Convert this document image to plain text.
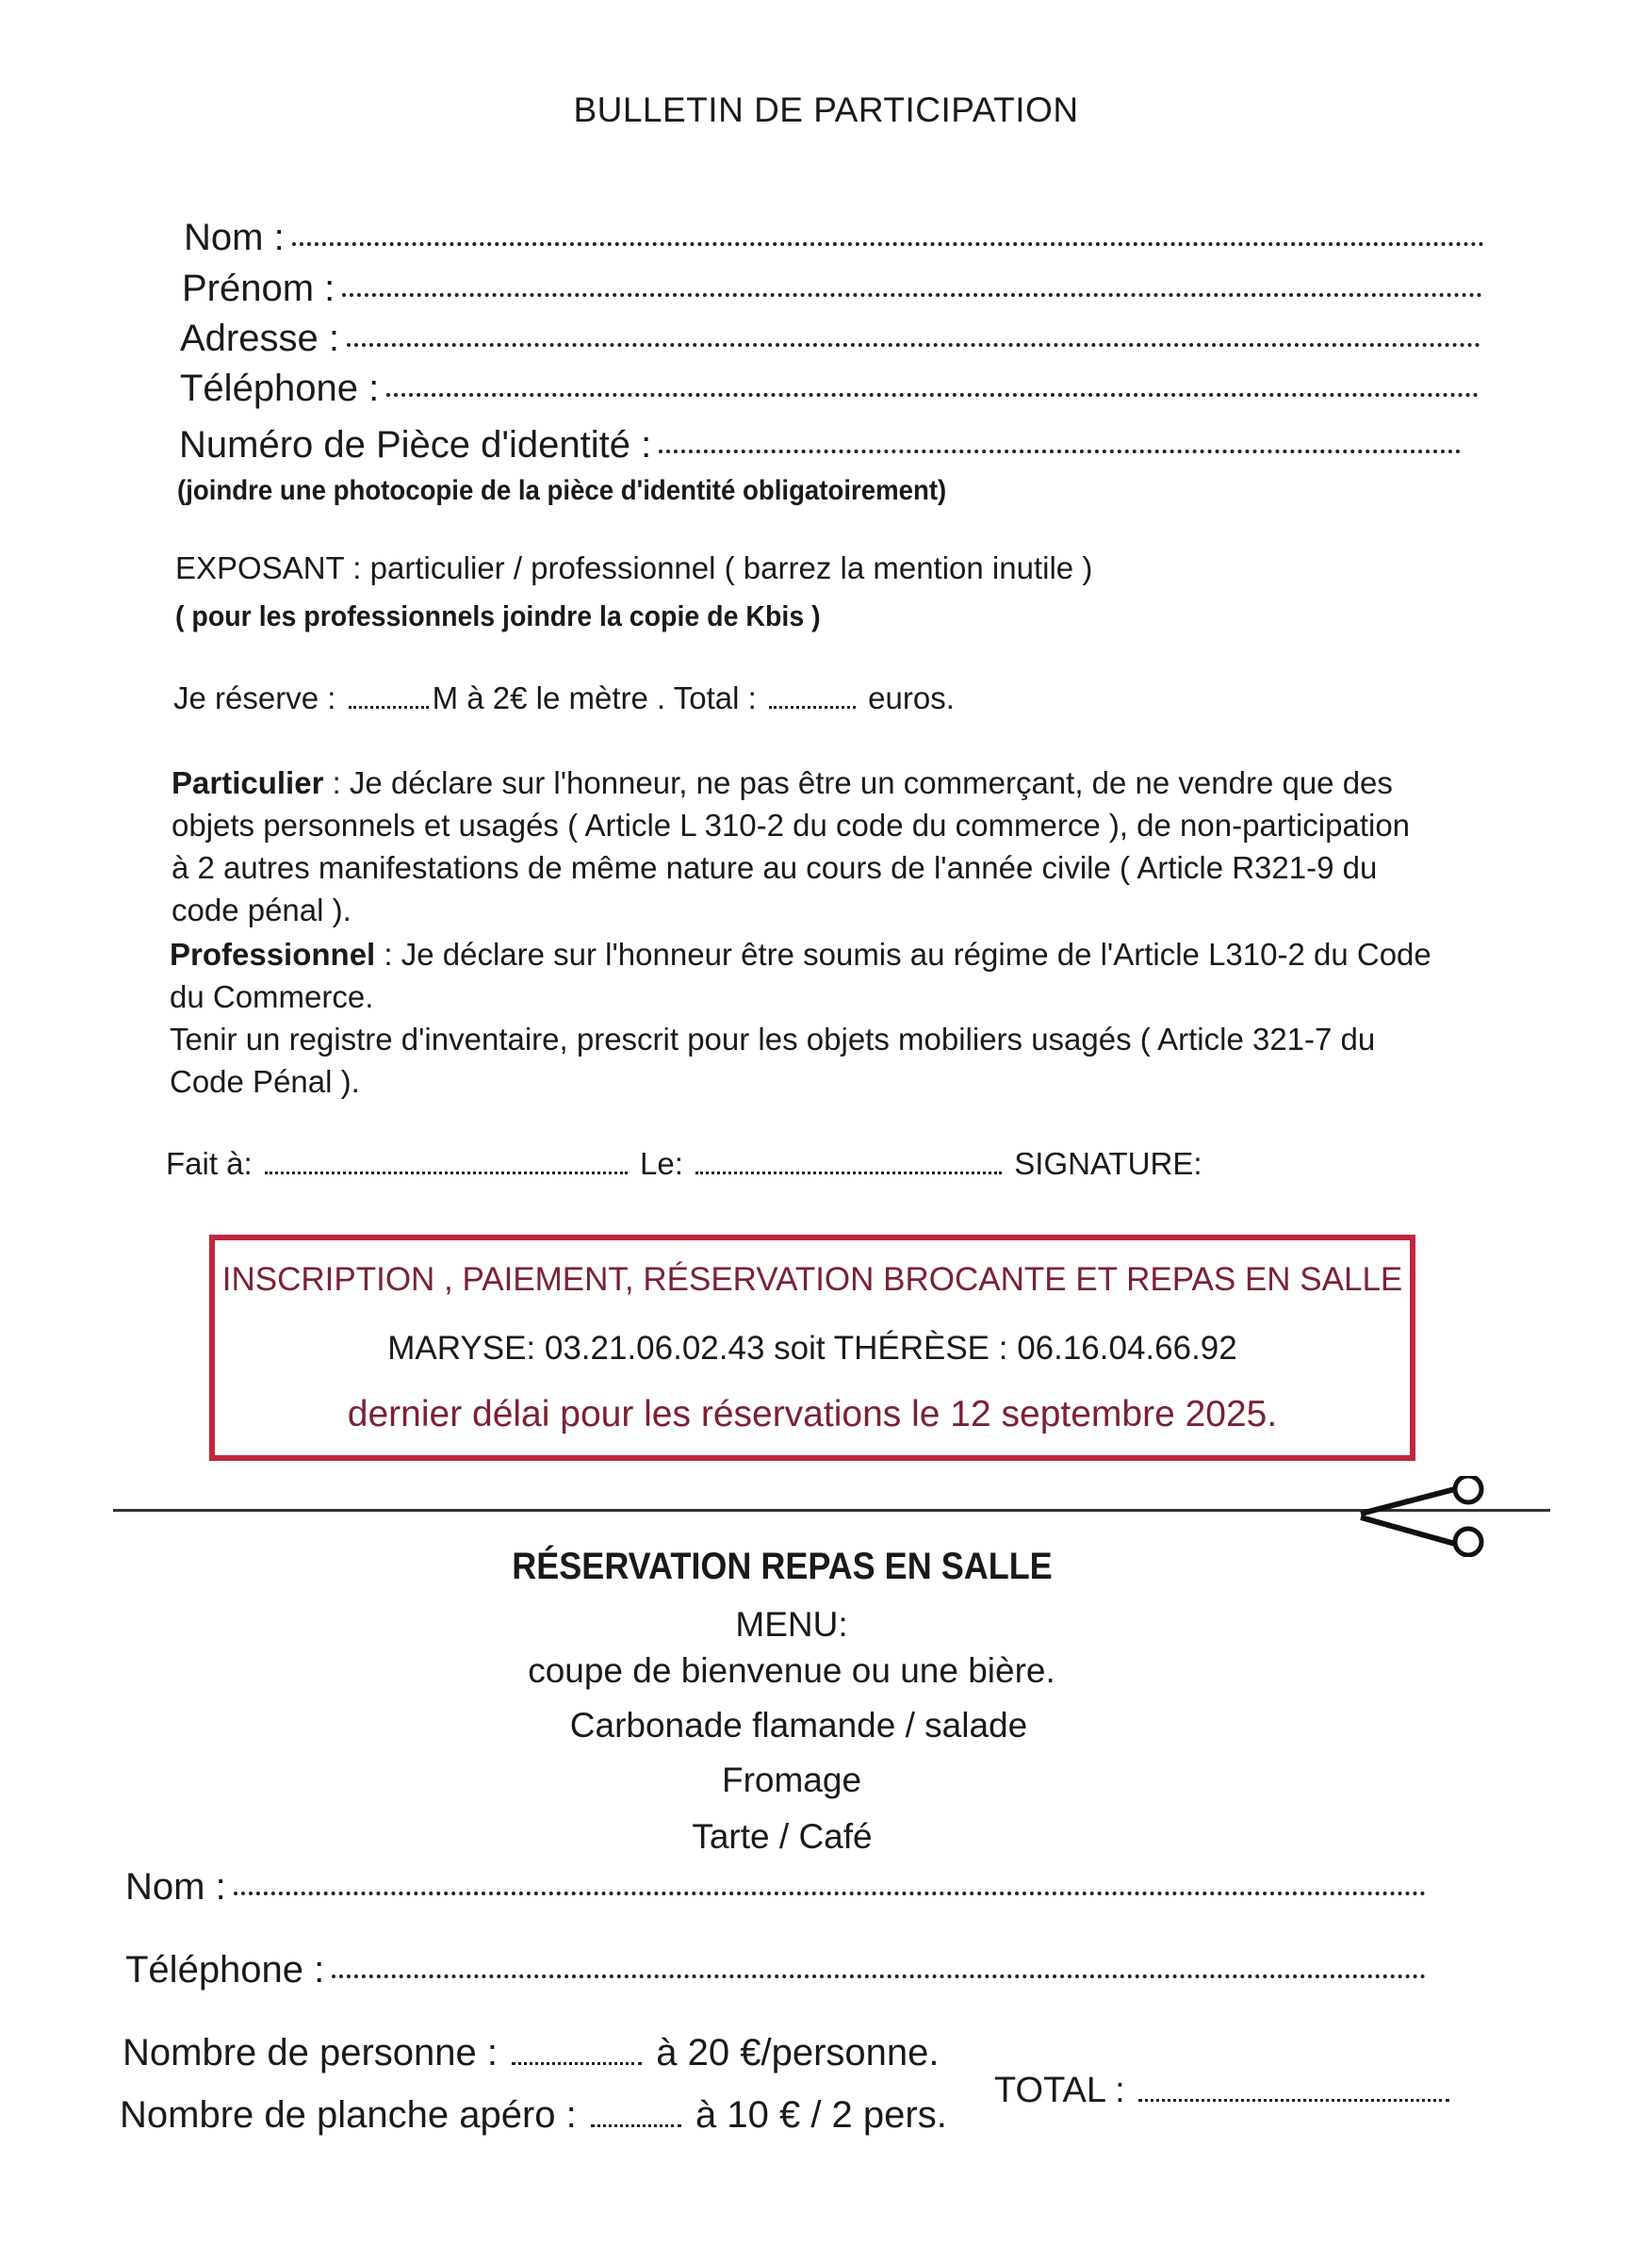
BULLETIN DE PARTICIPATION
Nom :
Prénom :
Adresse :
Téléphone :
Numéro de Pièce d'identité :
(joindre une photocopie de la pièce d'identité obligatoirement)
EXPOSANT : particulier / professionnel ( barrez la mention inutile )
( pour les professionnels joindre la copie de Kbis )
Je réserve :	M à 2€ le mètre . Total :	euros.
Particulier : Je déclare sur l'honneur, ne pas être un commerçant, de ne vendre que des
objets personnels et usagés ( Article L 310-2 du code du commerce ), de non-participation
à 2 autres manifestations de même nature au cours de l'année civile ( Article R321-9 du
code pénal ).
Professionnel : Je déclare sur l'honneur être soumis au régime de l'Article L310-2 du Code
du Commerce.
Tenir un registre d'inventaire, prescrit pour les objets mobiliers usagés ( Article 321-7 du
Code Pénal ).
Fait à:	Le:	SIGNATURE:
INSCRIPTION , PAIEMENT, RÉSERVATION BROCANTE ET REPAS EN SALLE
MARYSE: 03.21.06.02.43 soit THÉRÈSE : 06.16.04.66.92
dernier délai pour les réservations le 12 septembre 2025.
RÉSERVATION REPAS EN SALLE
MENU:
coupe de bienvenue ou une bière.
Carbonade flamande / salade
Fromage
Tarte / Café
Nom :
Téléphone :
Nombre de personne :	à 20 €/personne.
Nombre de planche apéro :	à 10 € / 2 pers.
TOTAL :
